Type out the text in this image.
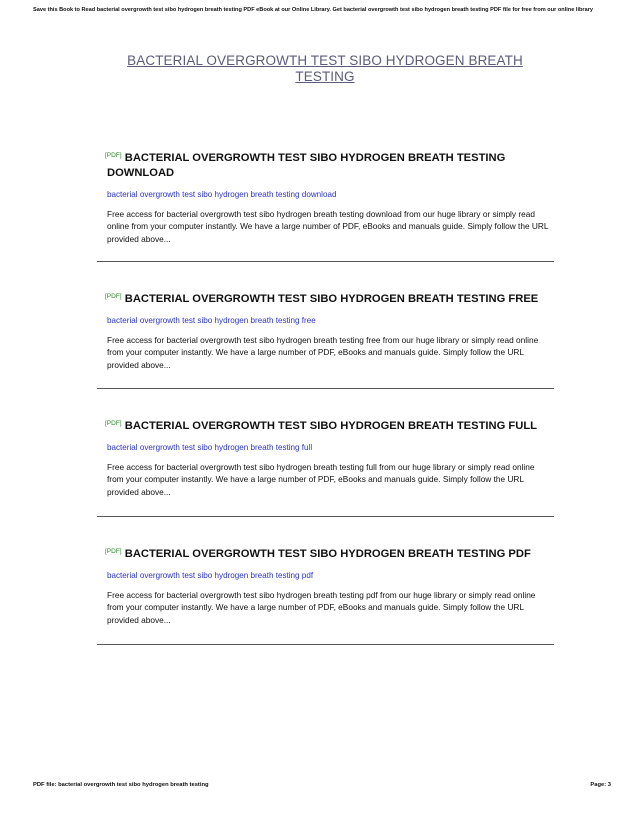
Save this Book to Read bacterial overgrowth test sibo hydrogen breath testing PDF eBook at our Online Library. Get bacterial overgrowth test sibo hydrogen breath testing PDF file for free from our online library
BACTERIAL OVERGROWTH TEST SIBO HYDROGEN BREATH
TESTING
[PDF] BACTERIAL OVERGROWTH TEST SIBO HYDROGEN BREATH TESTING DOWNLOAD
bacterial overgrowth test sibo hydrogen breath testing download
Free access for bacterial overgrowth test sibo hydrogen breath testing download from our huge library or simply read online from your computer instantly. We have a large number of PDF, eBooks and manuals guide. Simply follow the URL provided above...
[PDF] BACTERIAL OVERGROWTH TEST SIBO HYDROGEN BREATH TESTING FREE
bacterial overgrowth test sibo hydrogen breath testing free
Free access for bacterial overgrowth test sibo hydrogen breath testing free from our huge library or simply read online from your computer instantly. We have a large number of PDF, eBooks and manuals guide. Simply follow the URL provided above...
[PDF] BACTERIAL OVERGROWTH TEST SIBO HYDROGEN BREATH TESTING FULL
bacterial overgrowth test sibo hydrogen breath testing full
Free access for bacterial overgrowth test sibo hydrogen breath testing full from our huge library or simply read online from your computer instantly. We have a large number of PDF, eBooks and manuals guide. Simply follow the URL provided above...
[PDF] BACTERIAL OVERGROWTH TEST SIBO HYDROGEN BREATH TESTING PDF
bacterial overgrowth test sibo hydrogen breath testing pdf
Free access for bacterial overgrowth test sibo hydrogen breath testing pdf from our huge library or simply read online from your computer instantly. We have a large number of PDF, eBooks and manuals guide. Simply follow the URL provided above...
PDF file: bacterial overgrowth test sibo hydrogen breath testing	Page: 3
